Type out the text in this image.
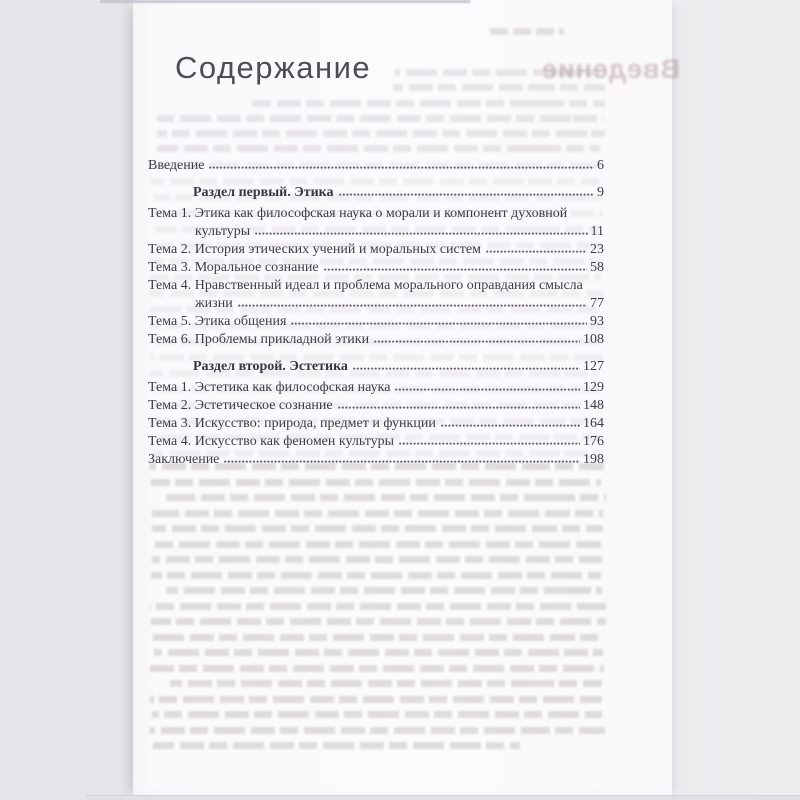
Введение
Содержание
Введение	6
Раздел первый. Этика	9
Тема 1. Этика как философская наука о морали и компонент духовной
культуры	11
Тема 2. История этических учений и моральных систем	23
Тема 3. Моральное сознание	58
Тема 4. Нравственный идеал и проблема морального оправдания смысла
жизни	77
Тема 5. Этика общения	93
Тема 6. Проблемы прикладной этики	108
Раздел второй. Эстетика	127
Тема 1. Эстетика как философская наука	129
Тема 2. Эстетическое сознание	148
Тема 3. Искусство: природа, предмет и функции	164
Тема 4. Искусство как феномен культуры	176
Заключение	198
